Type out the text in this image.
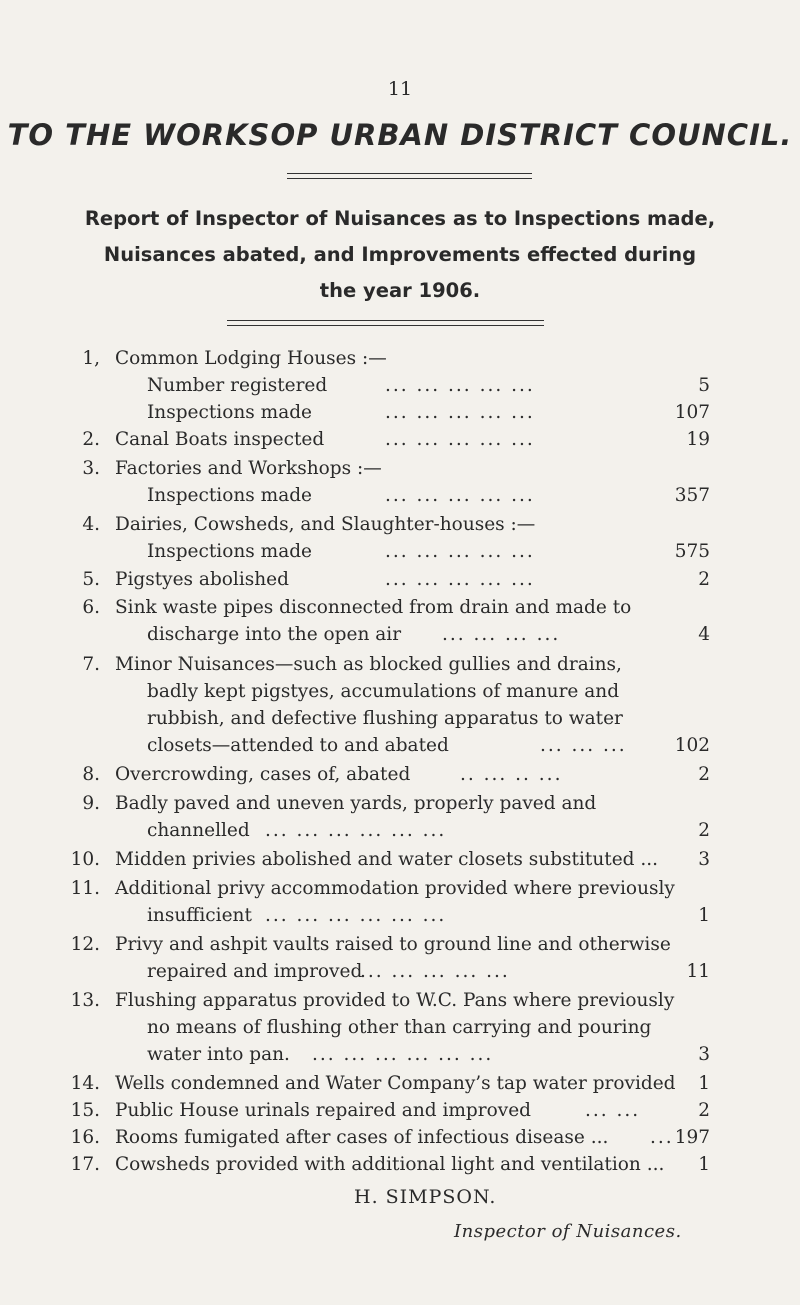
11
TO THE WORKSOP URBAN DISTRICT COUNCIL.
Report of Inspector of Nuisances as to Inspections made,
Nuisances abated, and Improvements effected during
the year 1906.
1, Common Lodging Houses :—
Number registered	... ... ... ... ...	5
Inspections made	... ... ... ... ...	107
2. Canal Boats inspected	... ... ... ... ...	19
3. Factories and Workshops :—
Inspections made	... ... ... ... ...	357
4. Dairies, Cowsheds, and Slaughter-houses :—
Inspections made	... ... ... ... ...	575
5. Pigstyes abolished	... ... ... ... ...	2
6. Sink waste pipes disconnected from drain and made to
discharge into the open air ... ... ... ...	4
7. Minor Nuisances—such as blocked gullies and drains,
badly kept pigstyes, accumulations of manure and
rubbish, and defective flushing apparatus to water
closets—attended to and abated	... ... ...	102
8. Overcrowding, cases of, abated	.. ... .. ...	2
9. Badly paved and uneven yards, properly paved and
channelled ... ... ... ... ... ...	2
10. Midden privies abolished and water closets substituted ... 3
11. Additional privy accommodation provided where previously
insufficient ... ... ... ... ... ...	1
12. Privy and ashpit vaults raised to ground line and otherwise
repaired and improved
... ... ... ... ...	11
13. Flushing apparatus provided to W.C. Pans where previously
no means of flushing other than carrying and pouring
water into pan. ... ... ... ... ... ...	3
14. Wells condemned and Water Company’s tap water provided 1
15. Public House urinals repaired and improved	... ...	2
16. Rooms fumigated after cases of infectious disease ... ... 197
17. Cowsheds provided with additional light and ventilation ... 1
H. SIMPSON.
Inspector of Nuisances.
